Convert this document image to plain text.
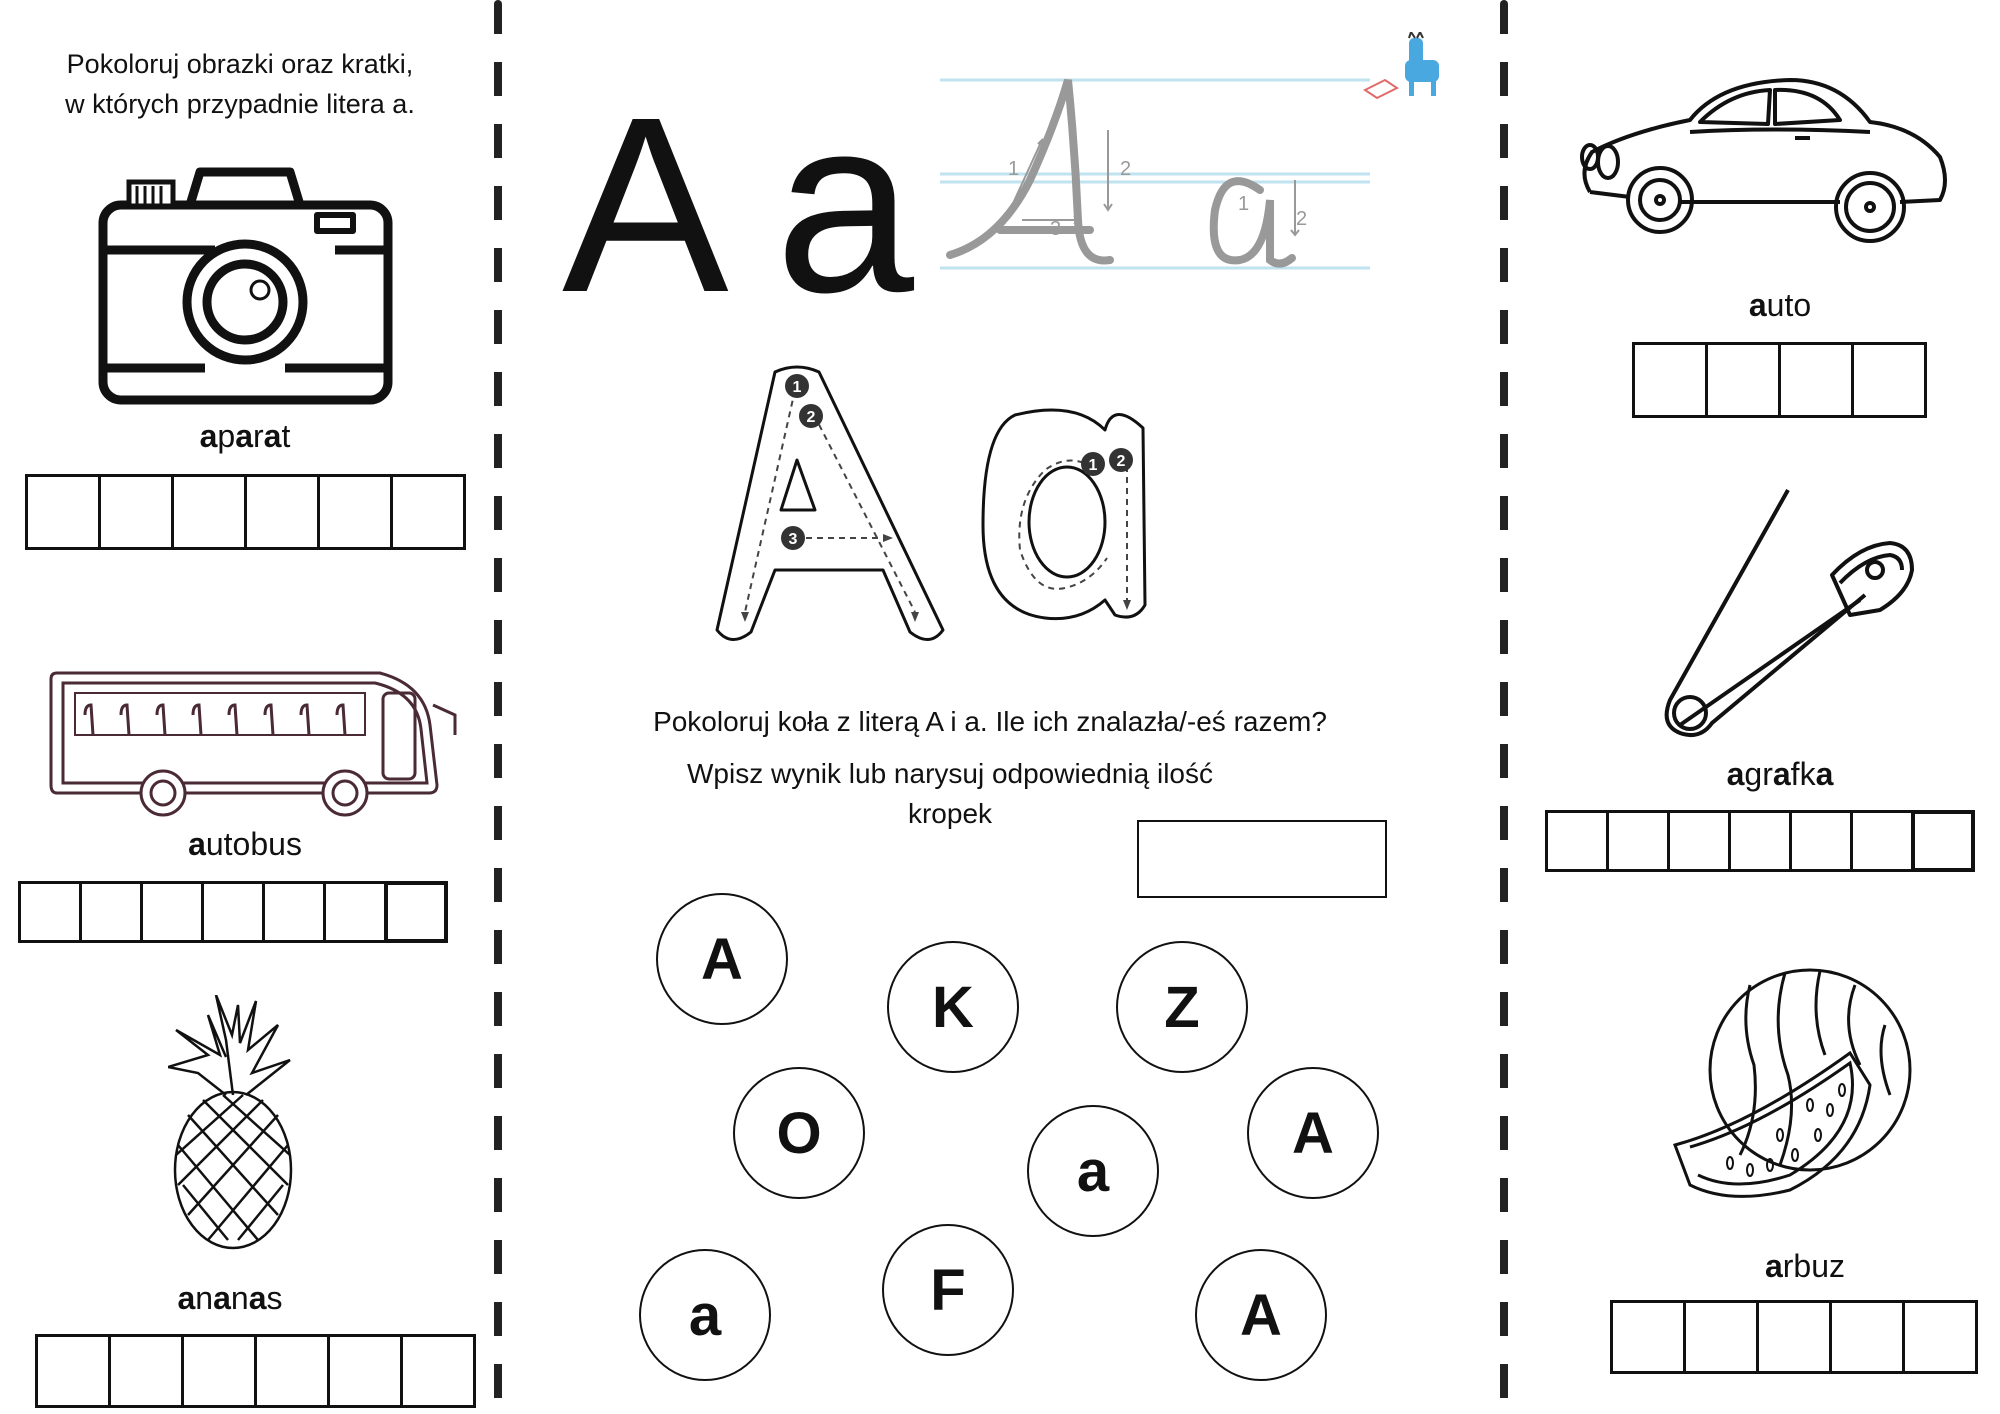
Pokoloruj obrazki oraz kratki,
w których przypadnie litera a.
aparat
autobus
ananas
A a	1	2
3
1
2
1
2
3
1 2
Pokoloruj koła z literą A i a. Ile ich znalazła/-eś razem?
Wpisz wynik lub narysuj odpowiednią ilość
kropek
A
K	Z
O
a
A
a	F	A
auto
agrafka
arbuz
